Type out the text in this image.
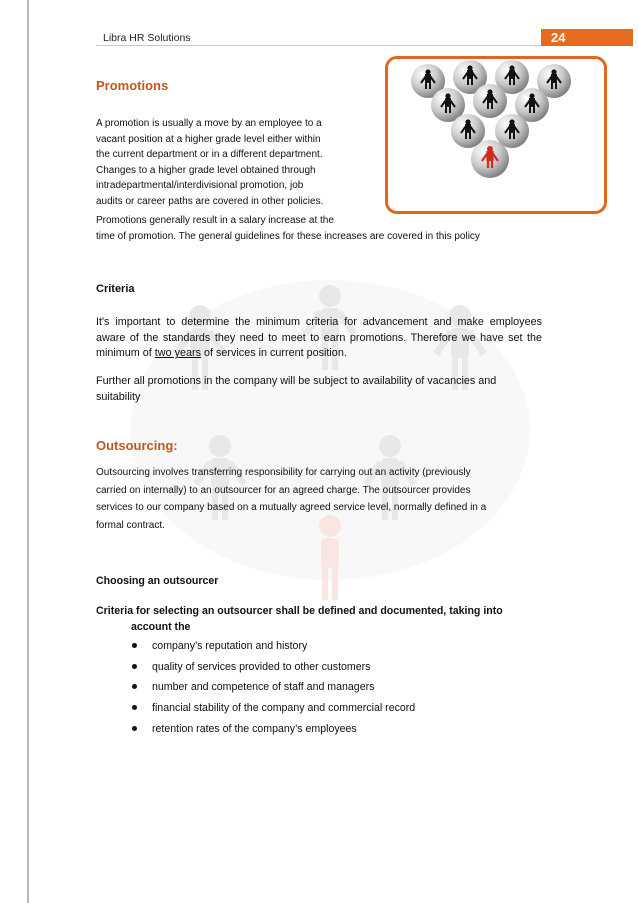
Libra HR Solutions	24
Promotions
A promotion is usually a move by an employee to a
vacant position at a higher grade level either within
the current department or in a different department.
Changes to a higher grade level obtained through
intradepartmental/interdivisional promotion, job
audits or career paths are covered in other policies.
Promotions generally result in a salary increase at the
time of promotion. The general guidelines for these increases are covered in this policy
Criteria

It's important to determine the minimum criteria for advancement and make employees aware of the standards they need to meet to earn promotions. Therefore we have set the minimum of two years of services in current position.

Further all promotions in the company will be subject to availability of vacancies and suitability

Outsourcing:
Outsourcing involves transferring responsibility for carrying out an activity (previously
carried on internally) to an outsourcer for an agreed charge. The outsourcer provides
services to our company based on a mutually agreed service level, normally defined in a
formal contract.
Choosing an outsourcer
Criteria for selecting an outsourcer shall be defined and documented, taking into
account the
company’s reputation and history
quality of services provided to other customers
number and competence of staff and managers
financial stability of the company and commercial record
retention rates of the company’s employees
